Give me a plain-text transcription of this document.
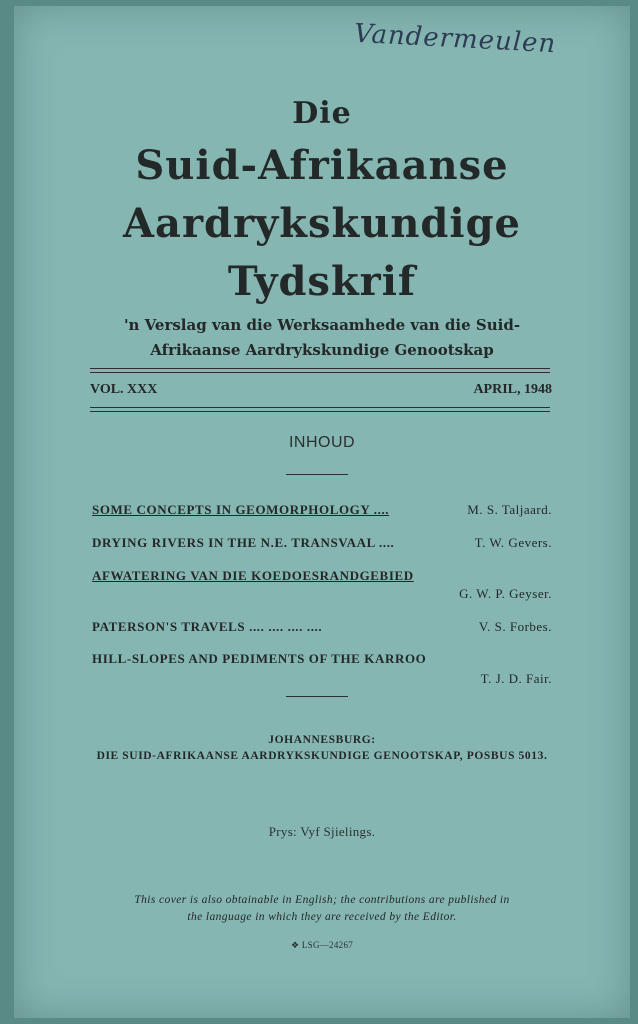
Vandermeulen
Die
Suid-Afrikaanse
Aardrykskundige
Tydskrif
'n Verslag van die Werksaamhede van die Suid-
Afrikaanse Aardrykskundige Genootskap
VOL. XXX	APRIL, 1948
INHOUD
SOME CONCEPTS IN GEOMORPHOLOGY ....	M. S. Taljaard.
DRYING RIVERS IN THE N.E. TRANSVAAL ....	T. W. Gevers.
AFWATERING VAN DIE KOEDOESRANDGEBIED
G. W. P. Geyser.
PATERSON'S TRAVELS .... .... .... ....	V. S. Forbes.
HILL-SLOPES AND PEDIMENTS OF THE KARROO
T. J. D. Fair.
JOHANNESBURG:
DIE SUID-AFRIKAANSE AARDRYKSKUNDIGE GENOOTSKAP, POSBUS 5013.
Prys: Vyf Sjielings.
This cover is also obtainable in English; the contributions are published in
the language in which they are received by the Editor.
❖ LSG—24267
